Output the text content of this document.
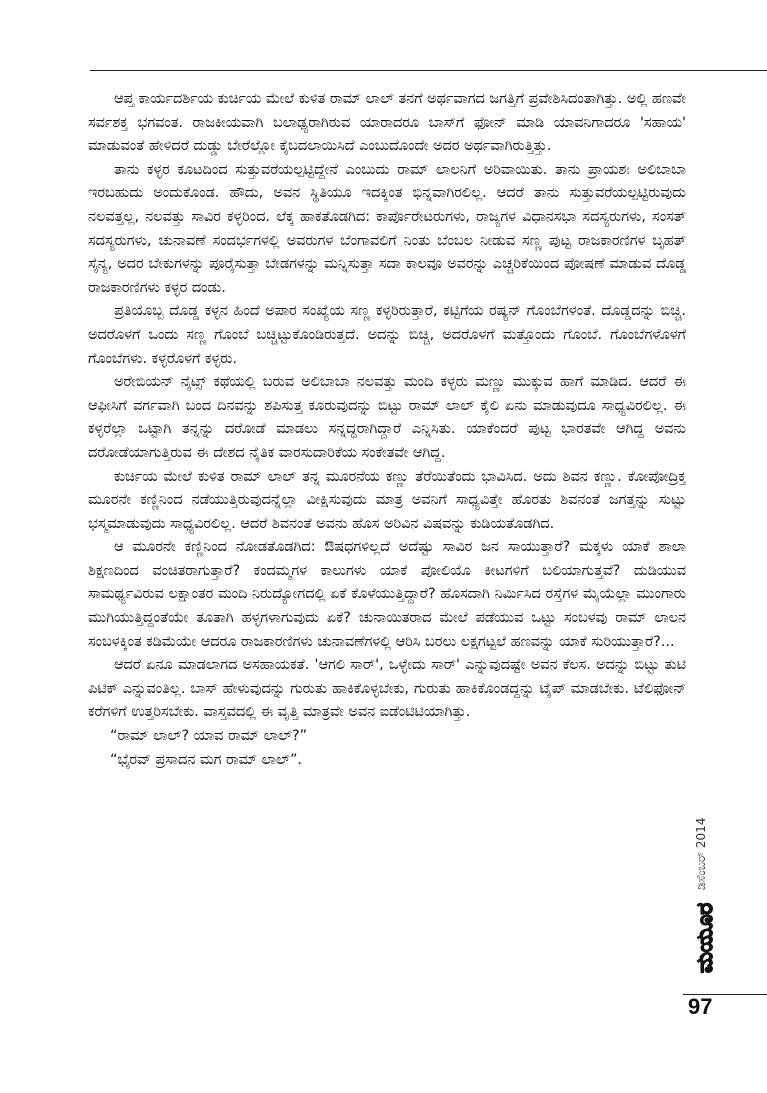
ಆಪ್ತ ಕಾರ್ಯದರ್ಶಿಯ ಕುರ್ಚಿಯ ಮೇಲೆ ಕುಳಿತ ರಾಮ್ ಲಾಲ್ ತನಗೆ ಅರ್ಥವಾಗದ ಜಗತ್ತಿಗೆ ಪ್ರವೇಶಿಸಿದಂತಾಗಿತ್ತು. ಅಲ್ಲಿ ಹಣವೇ ಸರ್ವಶಕ್ತ ಭಗವಂತ. ರಾಜಕೀಯವಾಗಿ ಬಲಾಢ್ಯರಾಗಿರುವ ಯಾರಾದರೂ ಬಾಸ್‌ಗೆ ಫೋನ್ ಮಾಡಿ ಯಾವನಿಗಾದರೂ 'ಸಹಾಯ' ಮಾಡುವಂತೆ ಹೇಳಿದರೆ ದುಡ್ಡು ಬೇರೆಲ್ಲೋ ಕೈಬದಲಾಯಿಸಿದೆ ಎಂಬುದೊಂದೇ ಅದರ ಅರ್ಥವಾಗಿರುತ್ತಿತ್ತು.

ತಾನು ಕಳ್ಳರ ಕೂಟದಿಂದ ಸುತ್ತುವರೆಯಲ್ಪಟ್ಟಿದ್ದೇನೆ ಎಂಬುದು ರಾಮ್ ಲಾಲನಿಗೆ ಅರಿವಾಯಿತು. ತಾನು ಪ್ರಾಯಶಃ ಅಲಿಬಾಬಾ ಇರಬಹುದು ಅಂದುಕೊಂಡ. ಹೌದು, ಅವನ ಸ್ಥಿತಿಯೂ ಇದಕ್ಕಿಂತ ಭಿನ್ನವಾಗಿರಲಿಲ್ಲ. ಆದರೆ ತಾನು ಸುತ್ತುವರೆಯಲ್ಪಟ್ಟಿರುವುದು ನಲವತ್ತಲ್ಲ, ನಲವತ್ತು ಸಾವಿರ ಕಳ್ಳರಿಂದ. ಲೆಕ್ಕ ಹಾಕತೊಡಗಿದ: ಕಾರ್ಪೊರೇಟರುಗಳು, ರಾಜ್ಯಗಳ ವಿಧಾನಸಭಾ ಸದಸ್ಯರುಗಳು, ಸಂಸತ್ ಸದಸ್ಯರುಗಳು, ಚುನಾವಣೆ ಸಂದರ್ಭಗಳಲ್ಲಿ ಅವರುಗಳ ಬೆಂಗಾವಲಿಗೆ ನಿಂತು ಬೆಂಬಲ ನೀಡುವ ಸಣ್ಣ ಪುಟ್ಟ ರಾಜಕಾರಣಿಗಳ ಬೃಹತ್ ಸೈನ್ಯ, ಅದರ ಬೇಕುಗಳನ್ನು ಪೂರೈಸುತ್ತಾ ಬೇಡಗಳನ್ನು ಮನ್ನಿಸುತ್ತಾ ಸದಾ ಕಾಲವೂ ಅವರನ್ನು ಎಚ್ಚರಿಕೆಯಿಂದ ಪೋಷಣೆ ಮಾಡುವ ದೊಡ್ಡ ರಾಜಕಾರಣಿಗಳು ಕಳ್ಳರ ದಂಡು.

ಪ್ರತಿಯೊಬ್ಬ ದೊಡ್ಡ ಕಳ್ಳನ ಹಿಂದೆ ಅಪಾರ ಸಂಖ್ಯೆಯ ಸಣ್ಣ ಕಳ್ಳರಿರುತ್ತಾರೆ, ಕಟ್ಟಿಗೆಯ ರಷ್ಯನ್ ಗೊಂಬೆಗಳಂತೆ. ದೊಡ್ಡದನ್ನು ಬಿಚ್ಚಿ. ಅದರೊಳಗೆ ಒಂದು ಸಣ್ಣ ಗೊಂಬೆ ಬಚ್ಚಿಟ್ಟುಕೊಂಡಿರುತ್ತದೆ. ಅದನ್ನು ಬಿಚ್ಚಿ, ಅದರೊಳಗೆ ಮತ್ತೊಂದು ಗೊಂಬೆ. ಗೊಂಬೆಗಳೊಳಗೆ ಗೊಂಬೆಗಳು. ಕಳ್ಳರೊಳಗೆ ಕಳ್ಳರು.

ಅರೇಬಿಯನ್ ನೈಟ್ಸ್ ಕಥೆಯಲ್ಲಿ ಬರುವ ಅಲಿಬಾಬಾ ನಲವತ್ತು ಮಂದಿ ಕಳ್ಳರು ಮಣ್ಣು ಮುಕ್ಕುವ ಹಾಗೆ ಮಾಡಿದ. ಆದರೆ ಈ ಆಫೀಸಿಗೆ ವರ್ಗವಾಗಿ ಬಂದ ದಿನವನ್ನು ಶಪಿಸುತ್ತ ಕೂರುವುದನ್ನು ಬಿಟ್ಟು ರಾಮ್ ಲಾಲ್ ಕೈಲಿ ಏನು ಮಾಡುವುದೂ ಸಾಧ್ಯವಿರಲಿಲ್ಲ. ಈ ಕಳ್ಳರೆಲ್ಲಾ ಒಟ್ಟಾಗಿ ತನ್ನನ್ನು ದರೋಡೆ ಮಾಡಲು ಸನ್ನದ್ಧರಾಗಿದ್ದಾರೆ ಎನ್ನಿಸಿತು. ಯಾಕೆಂದರೆ ಪುಟ್ಟ ಭಾರತವೇ ಆಗಿದ್ದ ಅವನು ದರೋಡೆಯಾಗುತ್ತಿರುವ ಈ ದೇಶದ ನೈತಿಕ ವಾರಸುದಾರಿಕೆಯ ಸಂಕೇತವೇ ಆಗಿದ್ದ.

ಕುರ್ಚಿಯ ಮೇಲೆ ಕುಳಿತ ರಾಮ್ ಲಾಲ್ ತನ್ನ ಮೂರನೆಯ ಕಣ್ಣು ತೆರೆಯಿತೆಂದು ಭಾವಿಸಿದ. ಅದು ಶಿವನ ಕಣ್ಣು. ಕೋಪೋದ್ರಿಕ್ತ ಮೂರನೇ ಕಣ್ಣಿನಿಂದ ನಡೆಯುತ್ತಿರುವುದನ್ನೆಲ್ಲಾ ವೀಕ್ಷಿಸುವುದು ಮಾತ್ರ ಅವನಿಗೆ ಸಾಧ್ಯವಿತ್ತೇ ಹೊರತು ಶಿವನಂತೆ ಜಗತ್ತನ್ನು ಸುಟ್ಟು ಭಸ್ಮಮಾಡುವುದು ಸಾಧ್ಯವಿರಲಿಲ್ಲ. ಆದರೆ ಶಿವನಂತೆ ಅವನು ಹೊಸ ಅರಿವಿನ ವಿಷವನ್ನು ಕುಡಿಯತೊಡಗಿದ.

ಆ ಮೂರನೇ ಕಣ್ಣಿನಿಂದ ನೋಡತೊಡಗಿದ: ಔಷಧಗಳಿಲ್ಲದೆ ಅದೆಷ್ಟು ಸಾವಿರ ಜನ ಸಾಯುತ್ತಾರೆ? ಮಕ್ಕಳು ಯಾಕೆ ಶಾಲಾ ಶಿಕ್ಷಣದಿಂದ ವಂಚಿತರಾಗುತ್ತಾರೆ? ಕಂದಮ್ಮಗಳ ಕಾಲುಗಳು ಯಾಕೆ ಪೋಲಿಯೊ ಕೀಟಗಳಿಗೆ ಬಲಿಯಾಗುತ್ತವೆ? ದುಡಿಯುವ ಸಾಮರ್ಥ್ಯವಿರುವ ಲಕ್ಷಾಂತರ ಮಂದಿ ನಿರುದ್ಯೋಗದಲ್ಲಿ ಏಕೆ ಕೊಳೆಯುತ್ತಿದ್ದಾರೆ? ಹೊಸದಾಗಿ ನಿರ್ಮಿಸಿದ ರಸ್ತೆಗಳ ಮೈಯೆಲ್ಲಾ ಮುಂಗಾರು ಮುಗಿಯುತ್ತಿದ್ದಂತೆಯೇ ತೂತಾಗಿ ಹಳ್ಳಗಳಾಗುವುದು ಏಕೆ? ಚುನಾಯಿತರಾದ ಮೇಲೆ ಪಡೆಯುವ ಒಟ್ಟು ಸಂಬಳವು ರಾಮ್ ಲಾಲನ ಸಂಬಳಕ್ಕಿಂತ ಕಡಿಮೆಯೇ ಆದರೂ ರಾಜಕಾರಣಿಗಳು ಚುನಾವಣೆಗಳಲ್ಲಿ ಆರಿಸಿ ಬರಲು ಲಕ್ಷಗಟ್ಟಲೆ ಹಣವನ್ನು ಯಾಕೆ ಸುರಿಯುತ್ತಾರೆ?...

ಆದರೆ ಏನೂ ಮಾಡಲಾಗದ ಅಸಹಾಯಕತೆ. 'ಆಗಲಿ ಸಾರ್', ಒಳ್ಳೇದು ಸಾರ್' ಎನ್ನುವುದಷ್ಟೇ ಅವನ ಕೆಲಸ. ಅದನ್ನು ಬಿಟ್ಟು ತುಟಿ ಪಿಟಿಕ್ ಎನ್ನುವಂತಿಲ್ಲ. ಬಾಸ್ ಹೇಳುವುದನ್ನು ಗುರುತು ಹಾಕಿಕೊಳ್ಳಬೇಕು, ಗುರುತು ಹಾಕಿಕೊಂಡದ್ದನ್ನು ಟೈಪ್ ಮಾಡಬೇಕು. ಟೆಲಿಫೋನ್ ಕರೆಗಳಿಗೆ ಉತ್ತರಿಸಬೇಕು. ವಾಸ್ತವದಲ್ಲಿ ಈ ವೃತ್ತಿ ಮಾತ್ರವೇ ಅವನ ಐಡೆಂಟಿಟಿಯಾಗಿತ್ತು.

“ರಾಮ್ ಲಾಲ್? ಯಾವ ರಾಮ್ ಲಾಲ್?”

“ಭೈರವ್ ಪ್ರಸಾದನ ಮಗ ರಾಮ್ ಲಾಲ್”.

ಡಿಸೆಂಬರ್ 2014
ಮಯೂರ
97
